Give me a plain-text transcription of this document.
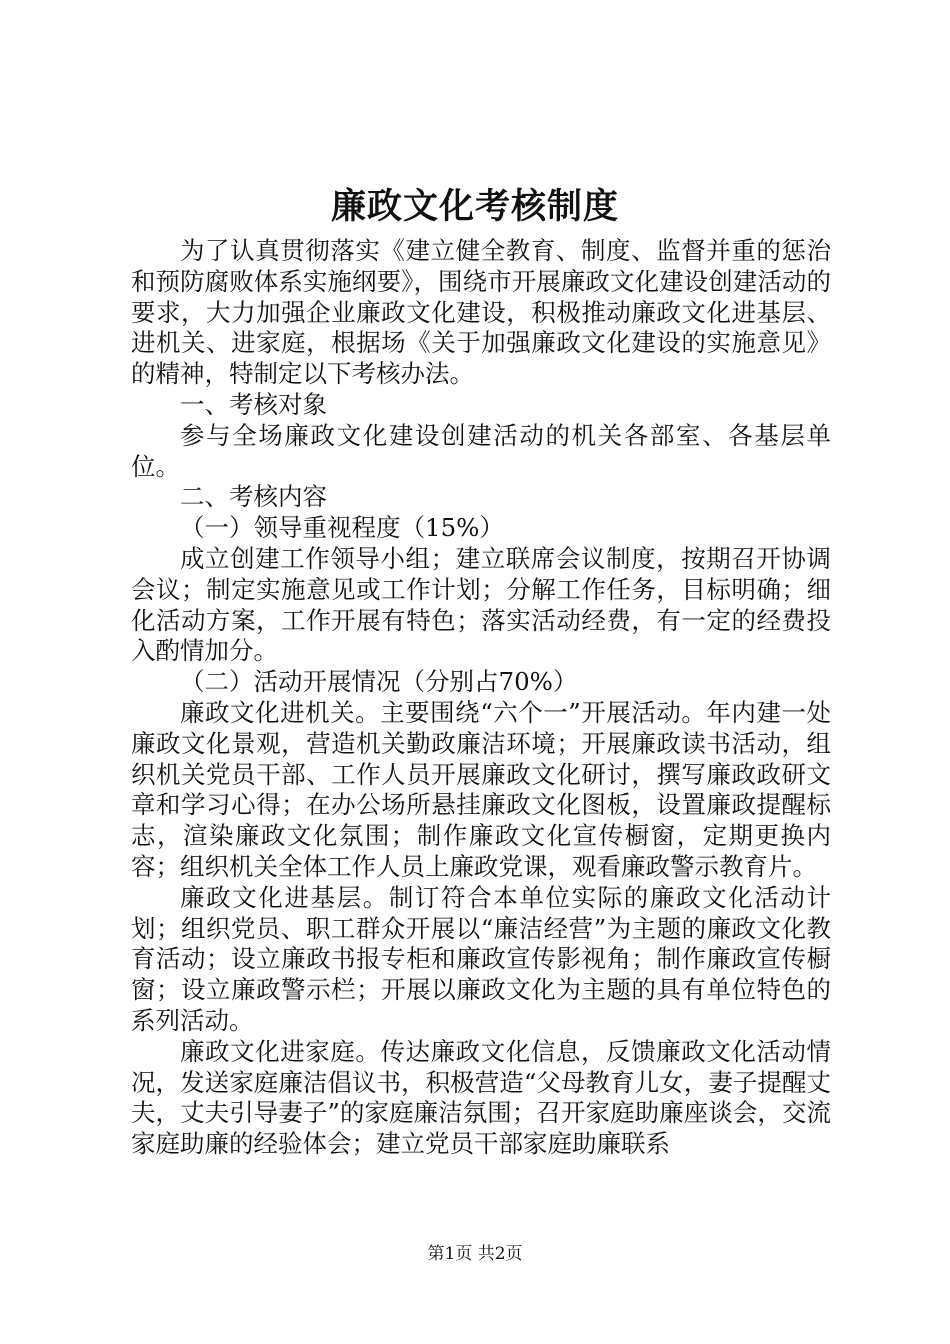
廉政文化考核制度

为了认真贯彻落实《建立健全教育、制度、监督并重的惩治和预防腐败体系实施纲要》，围绕市开展廉政文化建设创建活动的要求，大力加强企业廉政文化建设，积极推动廉政文化进基层、进机关、进家庭，根据场《关于加强廉政文化建设的实施意见》的精神，特制定以下考核办法。

一、考核对象

参与全场廉政文化建设创建活动的机关各部室、各基层单位。

二、考核内容

（一）领导重视程度（15%）

成立创建工作领导小组；建立联席会议制度，按期召开协调会议；制定实施意见或工作计划；分解工作任务，目标明确；细化活动方案，工作开展有特色；落实活动经费，有一定的经费投入酌情加分。

（二）活动开展情况（分别占70%）

廉政文化进机关。主要围绕“六个一”开展活动。年内建一处廉政文化景观，营造机关勤政廉洁环境；开展廉政读书活动，组织机关党员干部、工作人员开展廉政文化研讨，撰写廉政政研文章和学习心得；在办公场所悬挂廉政文化图板，设置廉政提醒标志，渲染廉政文化氛围；制作廉政文化宣传橱窗，定期更换内容；组织机关全体工作人员上廉政党课，观看廉政警示教育片。

廉政文化进基层。制订符合本单位实际的廉政文化活动计划；组织党员、职工群众开展以“廉洁经营”为主题的廉政文化教育活动；设立廉政书报专柜和廉政宣传影视角；制作廉政宣传橱窗；设立廉政警示栏；开展以廉政文化为主题的具有单位特色的系列活动。

廉政文化进家庭。传达廉政文化信息，反馈廉政文化活动情况，发送家庭廉洁倡议书，积极营造“父母教育儿女，妻子提醒丈夫，丈夫引导妻子”的家庭廉洁氛围；召开家庭助廉座谈会，交流家庭助廉的经验体会；建立党员干部家庭助廉联系

第1页 共2页
